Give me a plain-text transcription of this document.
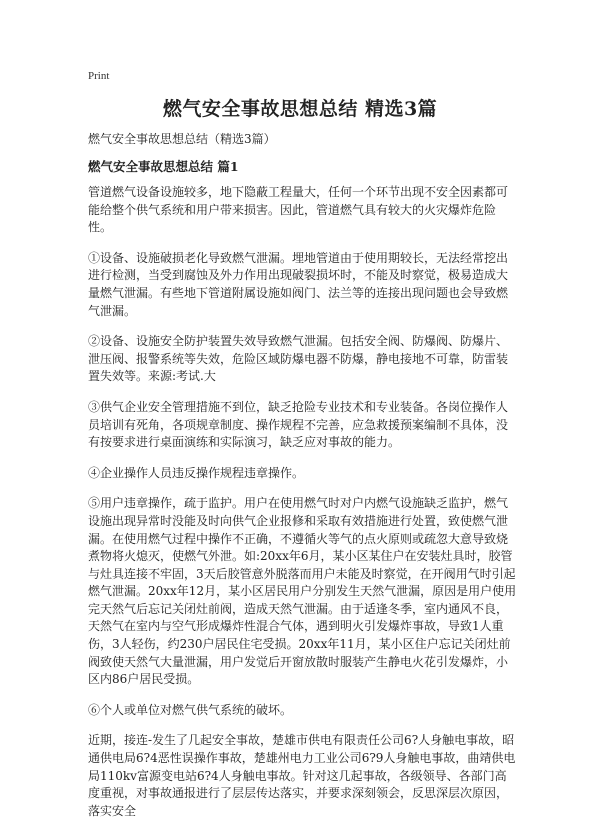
Print
燃气安全事故思想总结 精选3篇
燃气安全事故思想总结（精选3篇）
燃气安全事故思想总结 篇1

管道燃气设备设施较多，地下隐蔽工程量大，任何一个环节出现不安全因素都可能给整个供气系统和用户带来损害。因此，管道燃气具有较大的火灾爆炸危险性。

①设备、设施破损老化导致燃气泄漏。埋地管道由于使用期较长，无法经常挖出进行检测，当受到腐蚀及外力作用出现破裂损坏时，不能及时察觉，极易造成大量燃气泄漏。有些地下管道附属设施如阀门、法兰等的连接出现问题也会导致燃气泄漏。

②设备、设施安全防护装置失效导致燃气泄漏。包括安全阀、防爆阀、防爆片、泄压阀、报警系统等失效，危险区域防爆电器不防爆，静电接地不可靠，防雷装置失效等。来源:考试.大

③供气企业安全管理措施不到位，缺乏抢险专业技术和专业装备。各岗位操作人员培训有死角，各项规章制度、操作规程不完善，应急救援预案编制不具体，没有按要求进行桌面演练和实际演习，缺乏应对事故的能力。

④企业操作人员违反操作规程违章操作。

⑤用户违章操作，疏于监护。用户在使用燃气时对户内燃气设施缺乏监护，燃气设施出现异常时没能及时向供气企业报修和采取有效措施进行处置，致使燃气泄漏。在使用燃气过程中操作不正确，不遵循火等气的点火原则或疏忽大意导致烧煮物将火熄灭，使燃气外泄。如:20xx年6月，某小区某住户在安装灶具时，胶管与灶具连接不牢固，3天后胶管意外脱落而用户未能及时察觉，在开阀用气时引起燃气泄漏。20xx年12月，某小区居民用户分别发生天然气泄漏，原因是用户使用完天然气后忘记关闭灶前阀，造成天然气泄漏。由于适逢冬季，室内通风不良，天然气在室内与空气形成爆炸性混合气体，遇到明火引发爆炸事故，导致1人重伤，3人轻伤，约230户居民住宅受损。20xx年11月，某小区住户忘记关闭灶前阀致使天然气大量泄漏，用户发觉后开窗放散时服装产生静电火花引发爆炸，小区内86户居民受损。

⑥个人或单位对燃气供气系统的破坏。

近期，接连-发生了几起安全事故，楚雄市供电有限责任公司6?人身触电事故，昭通供电局6?4恶性误操作事故，楚雄州电力工业公司6?9人身触电事故，曲靖供电局110kv富源变电站6?4人身触电事故。针对这几起事故，各级领导、各部门高度重视，对事故通报进行了层层传达落实，并要求深刻领会，反思深层次原因，落实安全
